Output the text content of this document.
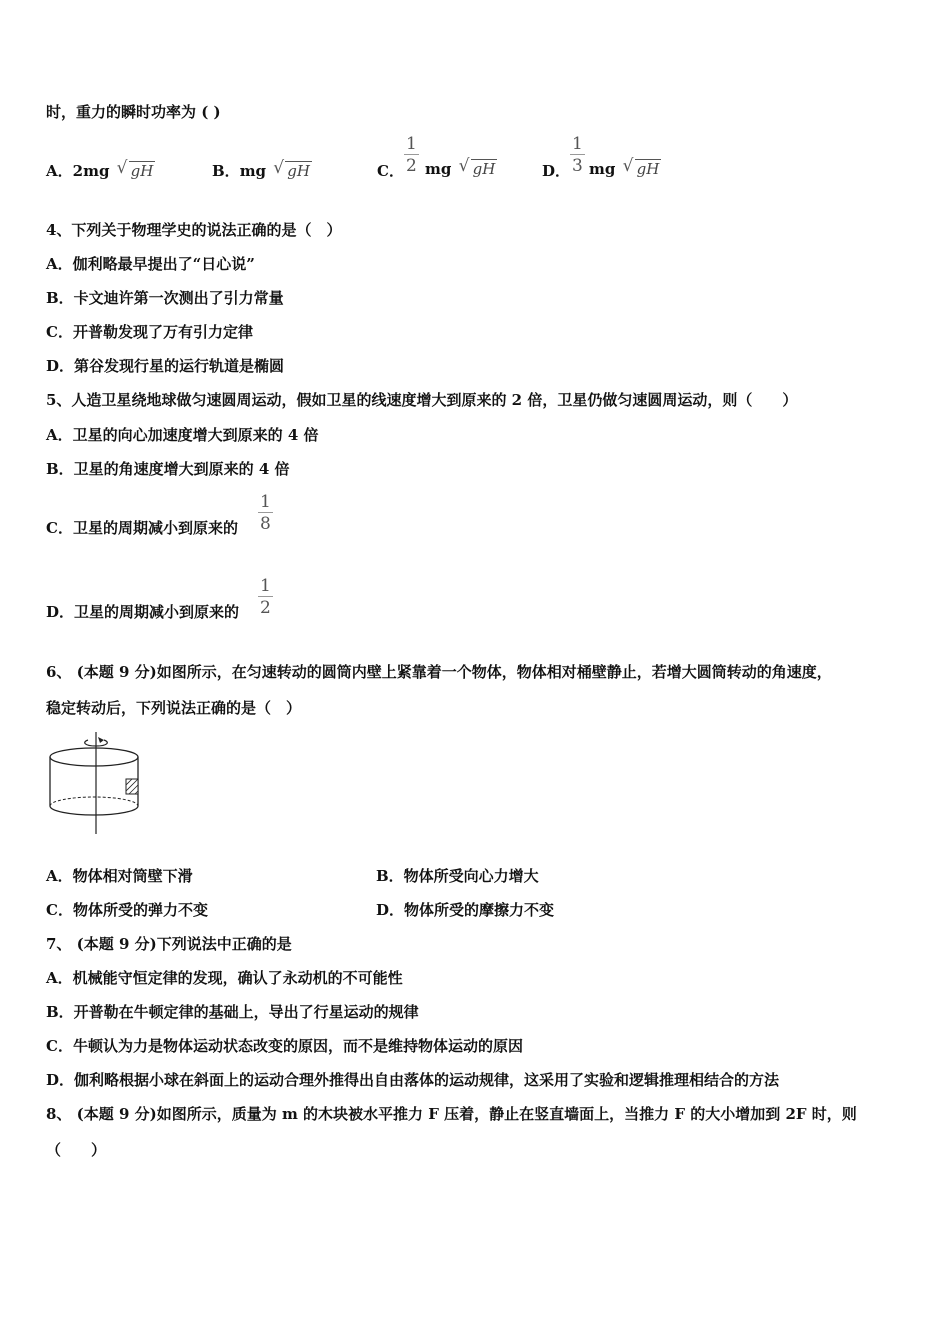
时，重力的瞬时功率为 ( )
A．2mg √ gH	B．mg √ gH	C． $\frac{1}{2}$ mg √ gH	D． $\frac{1}{3}$ mg √ gH
4、下列关于物理学史的说法正确的是（　）
A．伽利略最早提出了“日心说”
B．卡文迪许第一次测出了引力常量
C．开普勒发现了万有引力定律
D．第谷发现行星的运行轨道是椭圆
5、人造卫星绕地球做匀速圆周运动，假如卫星的线速度增大到原来的 2 倍，卫星仍做匀速圆周运动，则（　　）
A．卫星的向心加速度增大到原来的 4 倍
B．卫星的角速度增大到原来的 4 倍
C．卫星的周期减小到原来的 $\frac{1}{8}$
D．卫星的周期减小到原来的 $\frac{1}{2}$
6、 (本题 9 分)如图所示，在匀速转动的圆筒内壁上紧靠着一个物体，物体相对桶壁静止，若增大圆筒转动的角速度，
稳定转动后，下列说法正确的是（　）
A．物体相对筒壁下滑	B．物体所受向心力增大
C．物体所受的弹力不变	D．物体所受的摩擦力不变
7、 (本题 9 分)下列说法中正确的是
A．机械能守恒定律的发现，确认了永动机的不可能性
B．开普勒在牛顿定律的基础上，导出了行星运动的规律
C．牛顿认为力是物体运动状态改变的原因，而不是维持物体运动的原因
D．伽利略根据小球在斜面上的运动合理外推得出自由落体的运动规律，这采用了实验和逻辑推理相结合的方法
8、 (本题 9 分)如图所示，质量为 m 的木块被水平推力 F 压着，静止在竖直墙面上，当推力 F 的大小增加到 2F 时，则
（　　）
